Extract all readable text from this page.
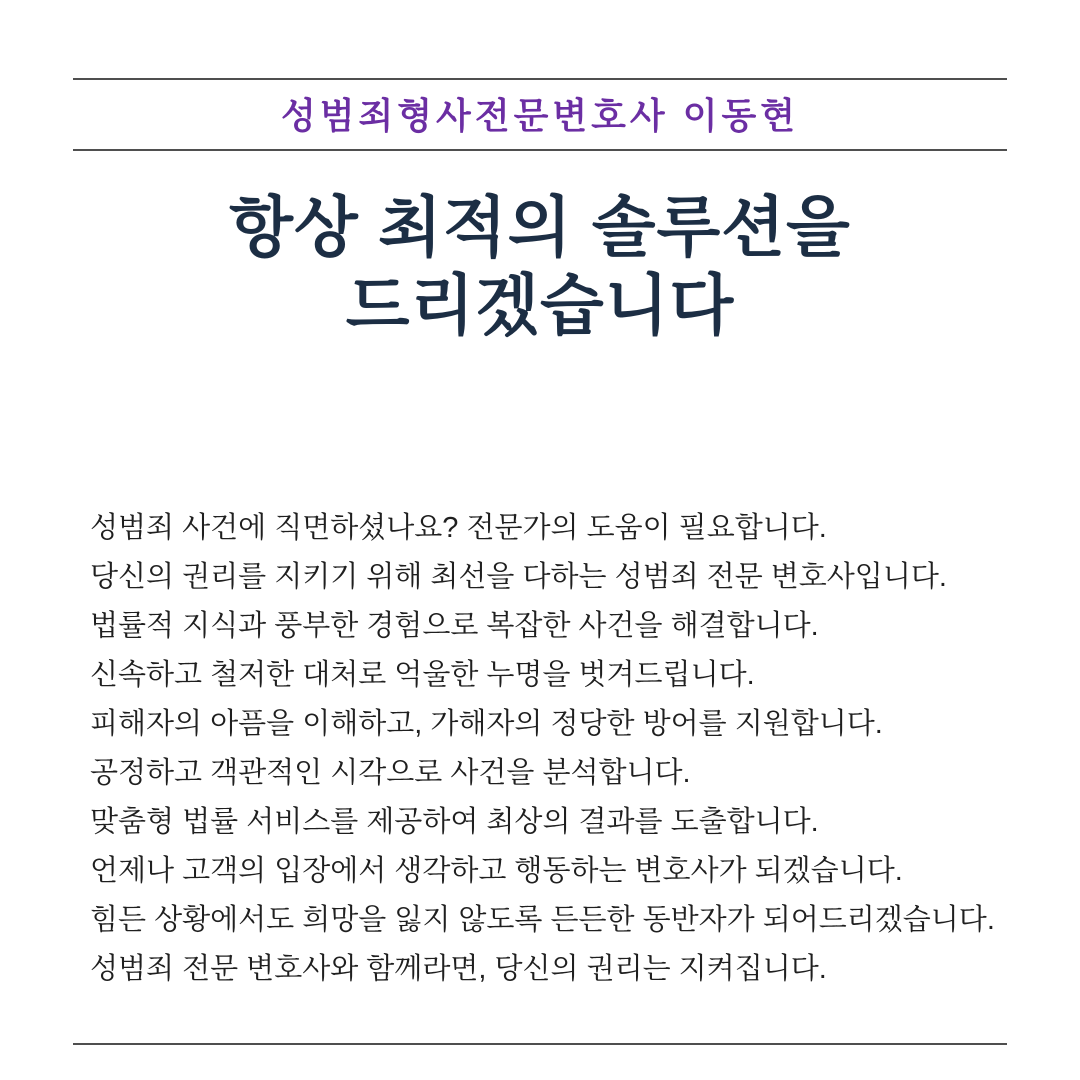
성범죄형사전문변호사 이동현
항상 최적의 솔루션을
드리겠습니다

성범죄 사건에 직면하셨나요? 전문가의 도움이 필요합니다.

당신의 권리를 지키기 위해 최선을 다하는 성범죄 전문 변호사입니다.

법률적 지식과 풍부한 경험으로 복잡한 사건을 해결합니다.

신속하고 철저한 대처로 억울한 누명을 벗겨드립니다.

피해자의 아픔을 이해하고, 가해자의 정당한 방어를 지원합니다.

공정하고 객관적인 시각으로 사건을 분석합니다.

맞춤형 법률 서비스를 제공하여 최상의 결과를 도출합니다.

언제나 고객의 입장에서 생각하고 행동하는 변호사가 되겠습니다.

힘든 상황에서도 희망을 잃지 않도록 든든한 동반자가 되어드리겠습니다.

성범죄 전문 변호사와 함께라면, 당신의 권리는 지켜집니다.
